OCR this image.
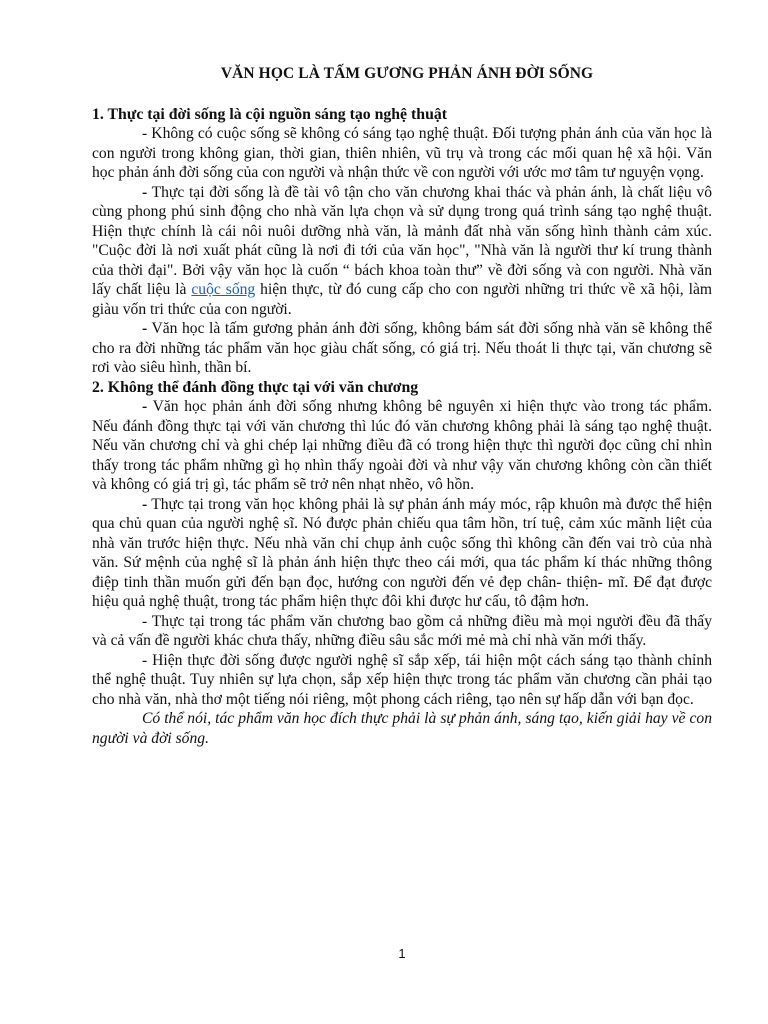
VĂN HỌC LÀ TẤM GƯƠNG PHẢN ÁNH ĐỜI SỐNG

1. Thực tại đời sống là cội nguồn sáng tạo nghệ thuật

- Không có cuộc sống sẽ không có sáng tạo nghệ thuật. Đối tượng phản ánh của văn học là con người trong không gian, thời gian, thiên nhiên, vũ trụ và trong các mối quan hệ xã hội. Văn học phản ánh đời sống của con người và nhận thức về con người với ước mơ tâm tư nguyện vọng.

- Thực tại đời sống là đề tài vô tận cho văn chương khai thác và phản ánh, là chất liệu vô cùng phong phú sinh động cho nhà văn lựa chọn và sử dụng trong quá trình sáng tạo nghệ thuật. Hiện thực chính là cái nôi nuôi dưỡng nhà văn, là mảnh đất nhà văn sống hình thành cảm xúc. "Cuộc đời là nơi xuất phát cũng là nơi đi tới của văn học", "Nhà văn là người thư kí trung thành của thời đại". Bởi vậy văn học là cuốn “ bách khoa toàn thư” về đời sống và con người. Nhà văn lấy chất liệu là cuộc sống hiện thực, từ đó cung cấp cho con người những tri thức về xã hội, làm giàu vốn tri thức của con người.

- Văn học là tấm gương phản ánh đời sống, không bám sát đời sống nhà văn sẽ không thể cho ra đời những tác phẩm văn học giàu chất sống, có giá trị. Nếu thoát li thực tại, văn chương sẽ rơi vào siêu hình, thần bí.

2. Không thể đánh đồng thực tại với văn chương

- Văn học phản ánh đời sống nhưng không bê nguyên xi hiện thực vào trong tác phẩm. Nếu đánh đồng thực tại với văn chương thì lúc đó văn chương không phải là sáng tạo nghệ thuật. Nếu văn chương chỉ và ghi chép lại những điều đã có trong hiện thực thì người đọc cũng chỉ nhìn thấy trong tác phẩm những gì họ nhìn thấy ngoài đời và như vậy văn chương không còn cần thiết và không có giá trị gì, tác phẩm sẽ trở nên nhạt nhẽo, vô hồn.

- Thực tại trong văn học không phải là sự phản ánh máy móc, rập khuôn mà được thể hiện qua chủ quan của người nghệ sĩ. Nó được phản chiếu qua tâm hồn, trí tuệ, cảm xúc mãnh liệt của nhà văn trước hiện thực. Nếu nhà văn chỉ chụp ảnh cuộc sống thì không cần đến vai trò của nhà văn. Sứ mệnh của nghệ sĩ là phản ánh hiện thực theo cái mới, qua tác phẩm kí thác những thông điệp tinh thần muốn gửi đến bạn đọc, hướng con người đến vẻ đẹp chân- thiện- mĩ. Để đạt được hiệu quả nghệ thuật, trong tác phẩm hiện thực đôi khi được hư cấu, tô đậm hơn.

- Thực tại trong tác phẩm văn chương bao gồm cả những điều mà mọi người đều đã thấy và cả vấn đề người khác chưa thấy, những điều sâu sắc mới mẻ mà chỉ nhà văn mới thấy.

- Hiện thực đời sống được người nghệ sĩ sắp xếp, tái hiện một cách sáng tạo thành chỉnh thể nghệ thuật. Tuy nhiên sự lựa chọn, sắp xếp hiện thực trong tác phẩm văn chương cần phải tạo cho nhà văn, nhà thơ một tiếng nói riêng, một phong cách riêng, tạo nên sự hấp dẫn với bạn đọc.

Có thể nói, tác phẩm văn học đích thực phải là sự phản ánh, sáng tạo, kiến giải hay về con người và đời sống.

1
